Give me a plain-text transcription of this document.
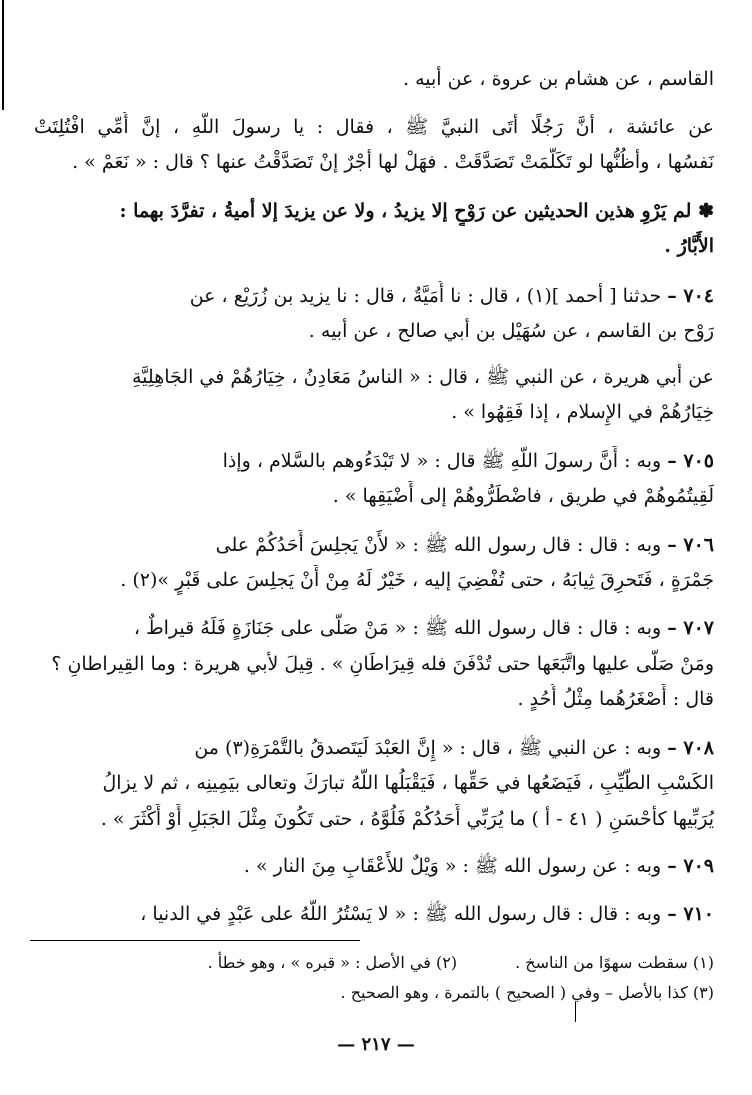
القاسم ، عن هشام بن عروة ، عن أبيه .
عن عائشة ، أنَّ رَجُلًا أتَى النبيَّ ﷺ ، فقال : يا رسولَ اللَّهِ ، إنَّ أُمِّي افْتُلِتَتْ
نَفسُها ، وأظُنُّها لو تَكَلَّمَتْ تَصَدَّقَتْ . فهَلْ لها أجْرٌ إنْ تَصَدَّقْتُ عنها ؟ قال : « نَعَمْ » .
✽ لم يَرْوِ هذين الحديثين عن رَوْحٍ إلا يزيدُ ، ولا عن يزيدَ إلا أميةُ ، تفرَّدَ بهما :
الأَبَّارُ .
٧٠٤ – حدثنا [ أحمد ](١) ، قال : نا أُمَيَّةُ ، قال : نا يزيد بن زُرَيْع ، عن
رَوْح بن القاسم ، عن سُهَيْل بن أبي صالح ، عن أبيه .
عن أبي هريرة ، عن النبي ﷺ ، قال : « الناسُ مَعَادِنُ ، خِيَارُهُمْ في الجَاهِلِيَّةِ
خِيَارُهُمْ في الإِسلام ، إذا فَقِهُوا » .
٧٠٥ – وبه : أَنَّ رسولَ اللَّهِ ﷺ قال : « لا تَبْدَءُوهم بالسَّلام ، وإذا
لَقِيتُمُوهُمْ في طريق ، فاضْطَرُّوهُمْ إلى أَضْيَقِها » .
٧٠٦ – وبه : قال : قال رسول الله ﷺ : « لأَنْ يَجلِسَ أَحَدُكُمْ على
جَمْرَةٍ ، فَتَحرِقَ ثِيابَهُ ، حتى تُفْضِيَ إليه ، خَيْرٌ لَهُ مِنْ أَنْ يَجلِسَ على قَبْرٍ »(٢) .
٧٠٧ – وبه : قال : قال رسول الله ﷺ : « مَنْ صَلَّى على جَنَازَةٍ فَلَهُ قيراطٌ ،
ومَنْ صَلَّى عليها واتَّبَعَها حتى تُدْفَنَ فله قِيرَاطَانِ » . قِيلَ لأبي هريرة : وما القِيراطانِ ؟
قال : أَصْغَرُهُما مِثْلُ أُحُدٍ .
٧٠٨ – وبه : عن النبي ﷺ ، قال : « إِنَّ العَبْدَ لَيَتَصدقُ بالتَّمْرَةِ(٣) من
الكَسْبِ الطَّيِّبِ ، فَيَضَعُها في حَقِّها ، فَيَقْبَلُها اللَّهُ تبارَكَ وتعالى بيَمِينِه ، ثم لا يزالُ
يُرَبِّيها كأَحْسَنِ ( ٤١ - أ ) ما يُرَبِّي أَحَدُكُمْ فَلُوَّهُ ، حتى تَكُونَ مِثْلَ الجَبَلِ أَوْ أَكْثَرَ » .
٧٠٩ – وبه : عن رسول الله ﷺ : « وَيْلٌ للأَعْقَابِ مِنَ النار » .
٧١٠ – وبه : قال : قال رسول الله ﷺ : « لا يَسْتُرُ اللَّهُ على عَبْدٍ في الدنيا ،
(١) سقطت سهوًا من الناسخ .(٢) في الأصل : « قبره » ، وهو خطأ .
(٣) كذا بالأصل – وفي ( الصحيح ) بالتمرة ، وهو الصحيح .
— ٢١٧ —
